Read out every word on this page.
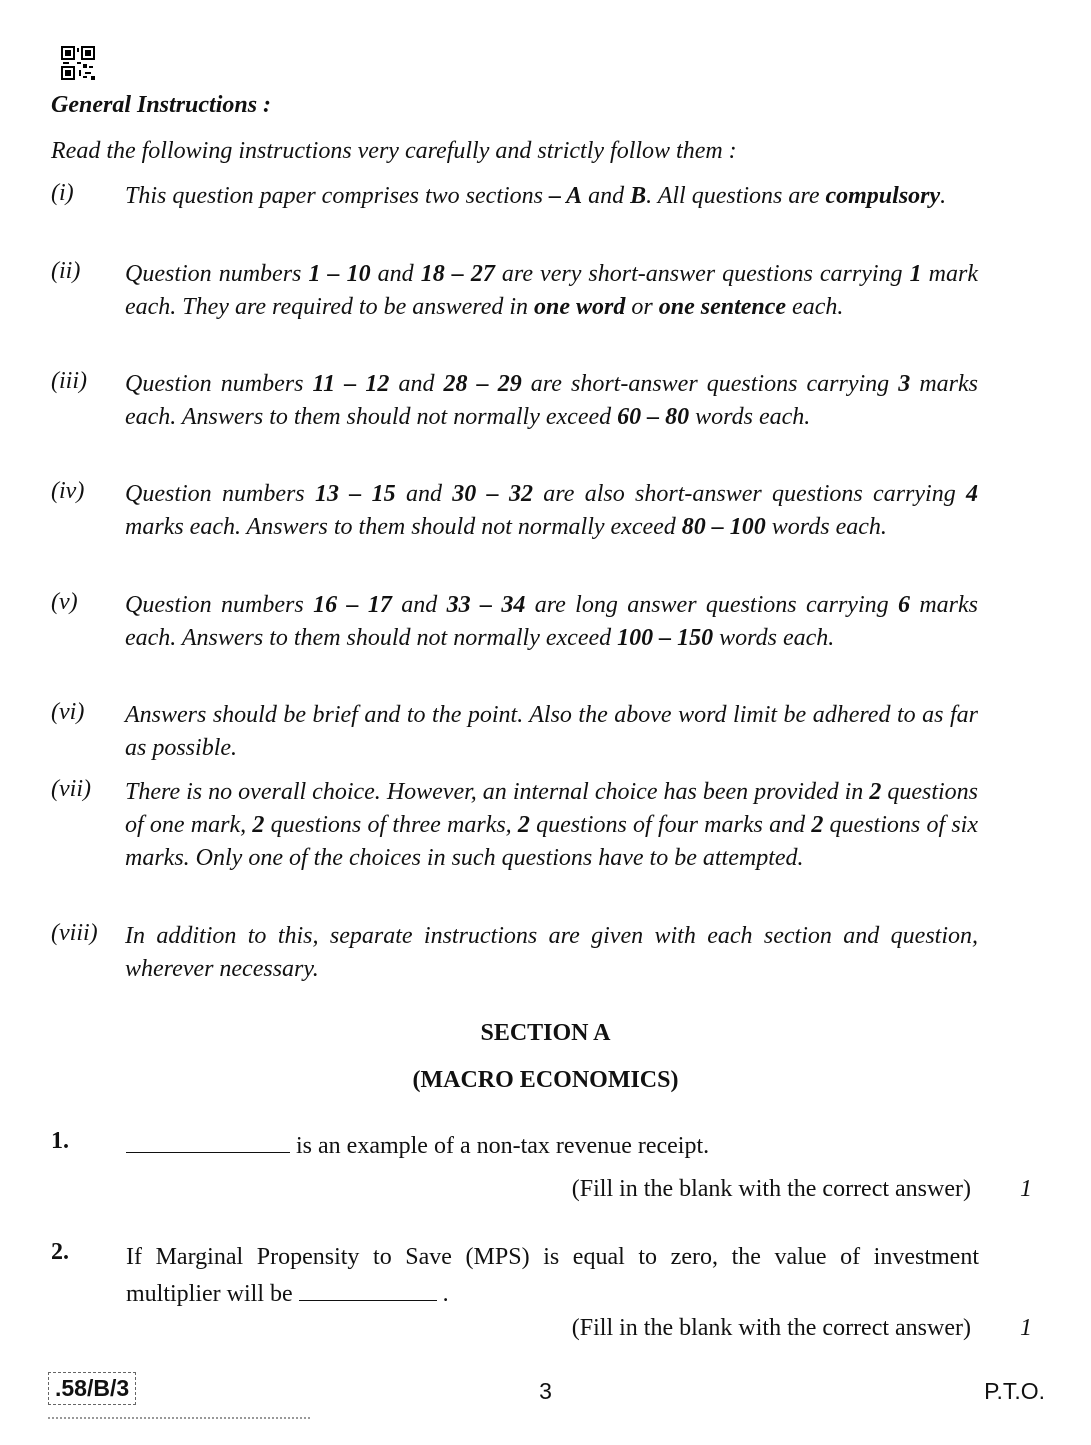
General Instructions :
Read the following instructions very carefully and strictly follow them :
(i) This question paper comprises two sections – A and B. All questions are compulsory.
(ii) Question numbers 1 – 10 and 18 – 27 are very short-answer questions carrying 1 mark each. They are required to be answered in one word or one sentence each.
(iii) Question numbers 11 – 12 and 28 – 29 are short-answer questions carrying 3 marks each. Answers to them should not normally exceed 60 – 80 words each.
(iv) Question numbers 13 – 15 and 30 – 32 are also short-answer questions carrying 4 marks each. Answers to them should not normally exceed 80 – 100 words each.
(v) Question numbers 16 – 17 and 33 – 34 are long answer questions carrying 6 marks each. Answers to them should not normally exceed 100 – 150 words each.
(vi) Answers should be brief and to the point. Also the above word limit be adhered to as far as possible.
(vii) There is no overall choice. However, an internal choice has been provided in 2 questions of one mark, 2 questions of three marks, 2 questions of four marks and 2 questions of six marks. Only one of the choices in such questions have to be attempted.
(viii) In addition to this, separate instructions are given with each section and question, wherever necessary.
SECTION A
(MACRO ECONOMICS)
1.	is an example of a non-tax revenue receipt.
(Fill in the blank with the correct answer) 1
2. If Marginal Propensity to Save (MPS) is equal to zero, the value of investment multiplier will be	.
(Fill in the blank with the correct answer) 1
.58/B/3	3	P.T.O.
